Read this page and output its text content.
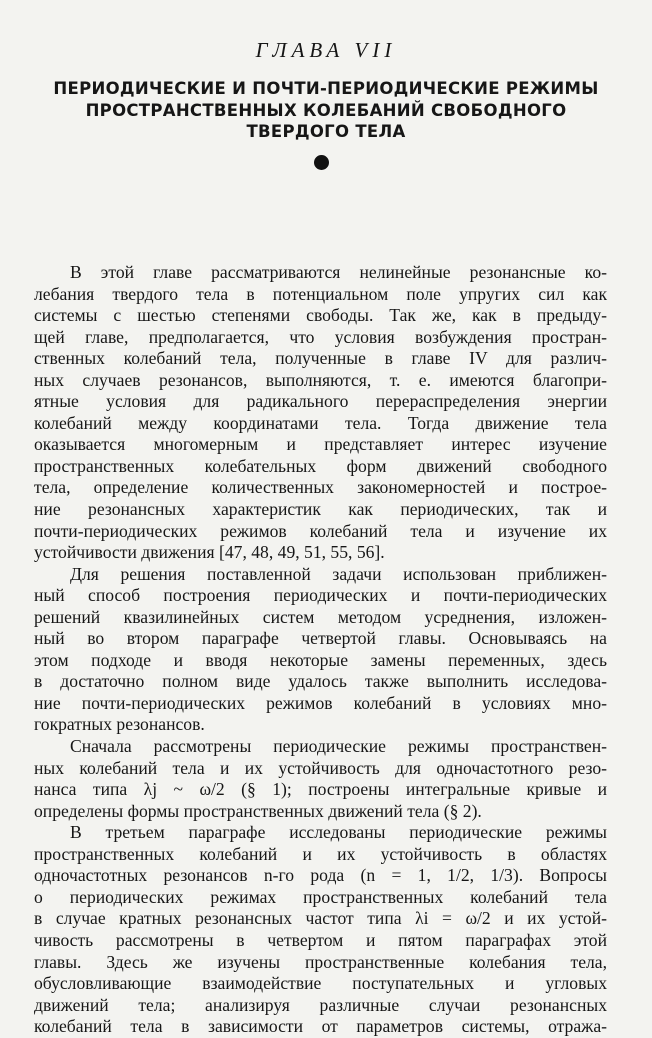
ГЛАВА VII
ПЕРИОДИЧЕСКИЕ И ПОЧТИ-ПЕРИОДИЧЕСКИЕ РЕЖИМЫ
ПРОСТРАНСТВЕННЫХ КОЛЕБАНИЙ СВОБОДНОГО
ТВЕРДОГО ТЕЛА

В этой главе рассматриваются нелинейные резонансные ко-

лебания твердого тела в потенциальном поле упругих сил как

системы с шестью степенями свободы. Так же, как в предыду-

щей главе, предполагается, что условия возбуждения простран-

ственных колебаний тела, полученные в главе IV для различ-

ных случаев резонансов, выполняются, т. е. имеются благопри-

ятные условия для радикального перераспределения энергии

колебаний между координатами тела. Тогда движение тела

оказывается многомерным и представляет интерес изучение

пространственных колебательных форм движений свободного

тела, определение количественных закономерностей и построе-

ние резонансных характеристик как периодических, так и

почти-периодических режимов колебаний тела и изучение их

устойчивости движения [47, 48, 49, 51, 55, 56].

Для решения поставленной задачи использован приближен-

ный способ построения периодических и почти-периодических

решений квазилинейных систем методом усреднения, изложен-

ный во втором параграфе четвертой главы. Основываясь на

этом подходе и вводя некоторые замены переменных, здесь

в достаточно полном виде удалось также выполнить исследова-

ние почти-периодических режимов колебаний в условиях мно-

гократных резонансов.

Сначала рассмотрены периодические режимы пространствен-

ных колебаний тела и их устойчивость для одночастотного резо-

нанса типа λj ~ ω/2 (§ 1); построены интегральные кривые и

определены формы пространственных движений тела (§ 2).

В третьем параграфе исследованы периодические режимы

пространственных колебаний и их устойчивость в областях

одночастотных резонансов n-го рода (n = 1, 1/2, 1/3). Вопросы

о периодических режимах пространственных колебаний тела

в случае кратных резонансных частот типа λi = ω/2 и их устой-

чивость рассмотрены в четвертом и пятом параграфах этой

главы. Здесь же изучены пространственные колебания тела,

обусловливающие взаимодействие поступательных и угловых

движений тела; анализируя различные случаи резонансных

колебаний тела в зависимости от параметров системы, отража-
